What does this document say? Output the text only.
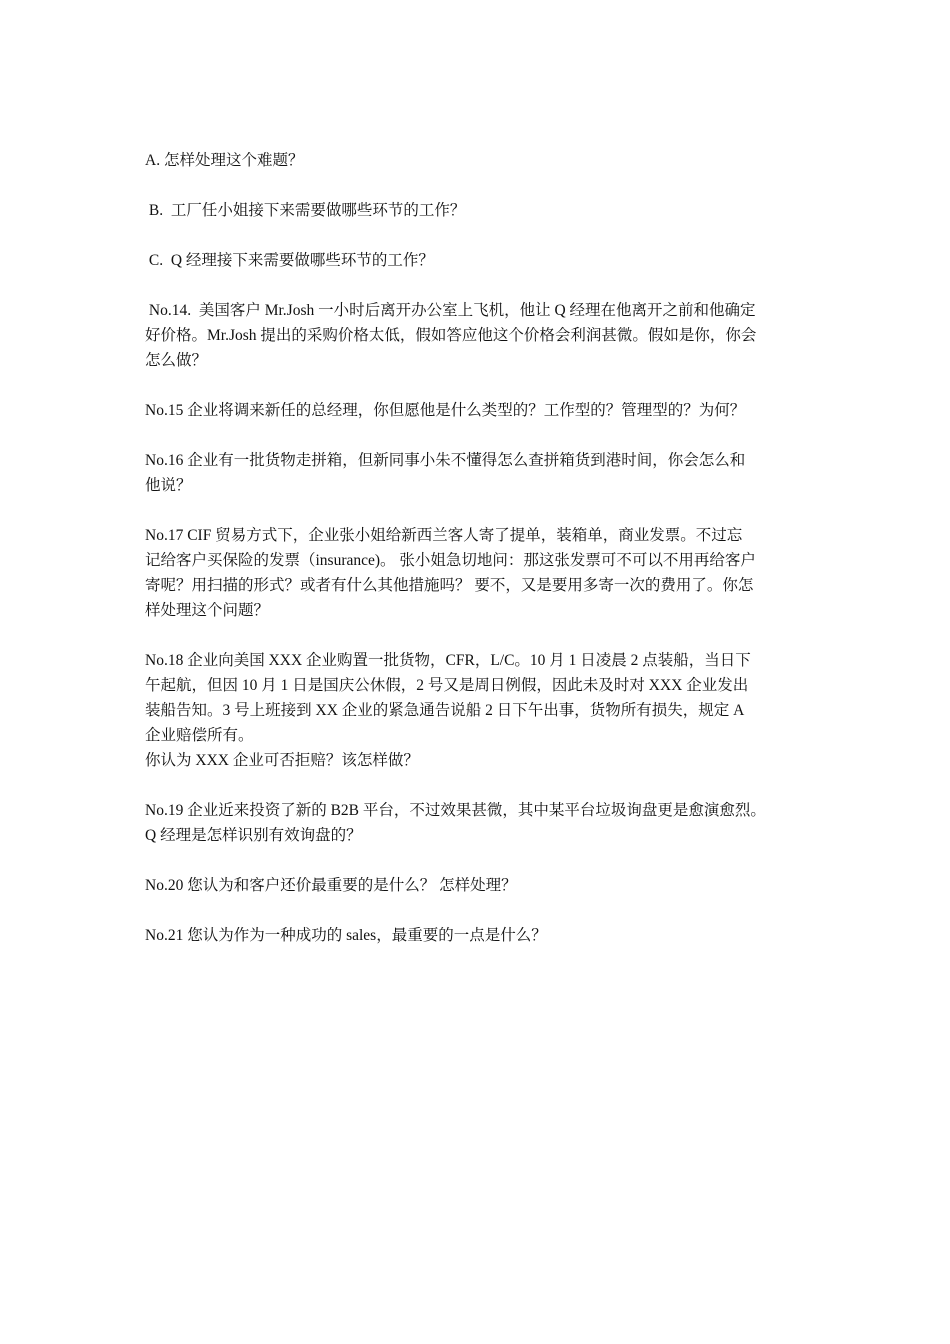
A. 怎样处理这个难题？

B.  工厂任小姐接下来需要做哪些环节的工作？

C.  Q 经理接下来需要做哪些环节的工作？

No.14.  美国客户 Mr.Josh 一小时后离开办公室上飞机，他让 Q 经理在他离开之前和他确定
好价格。Mr.Josh 提出的采购价格太低，假如答应他这个价格会利润甚微。假如是你，你会
怎么做？

No.15 企业将调来新任的总经理，你但愿他是什么类型的？工作型的？管理型的？为何？

No.16 企业有一批货物走拼箱，但新同事小朱不懂得怎么查拼箱货到港时间，你会怎么和
他说？

No.17 CIF 贸易方式下，企业张小姐给新西兰客人寄了提单，装箱单，商业发票。不过忘
记给客户买保险的发票（insurance)。 张小姐急切地问：那这张发票可不可以不用再给客户
寄呢？用扫描的形式？或者有什么其他措施吗？ 要不，又是要用多寄一次的费用了。你怎
样处理这个问题？

No.18 企业向美国 XXX 企业购置一批货物，CFR，L/C。10 月 1 日凌晨 2 点装船，当日下
午起航，但因 10 月 1 日是国庆公休假，2 号又是周日例假，因此未及时对 XXX 企业发出
装船告知。3 号上班接到 XX 企业的紧急通告说船 2 日下午出事，货物所有损失，规定 A
企业赔偿所有。
你认为 XXX 企业可否拒赔？该怎样做？

No.19 企业近来投资了新的 B2B 平台，不过效果甚微，其中某平台垃圾询盘更是愈演愈烈。
Q 经理是怎样识别有效询盘的？

No.20 您认为和客户还价最重要的是什么？ 怎样处理？

No.21 您认为作为一种成功的 sales，最重要的一点是什么？
